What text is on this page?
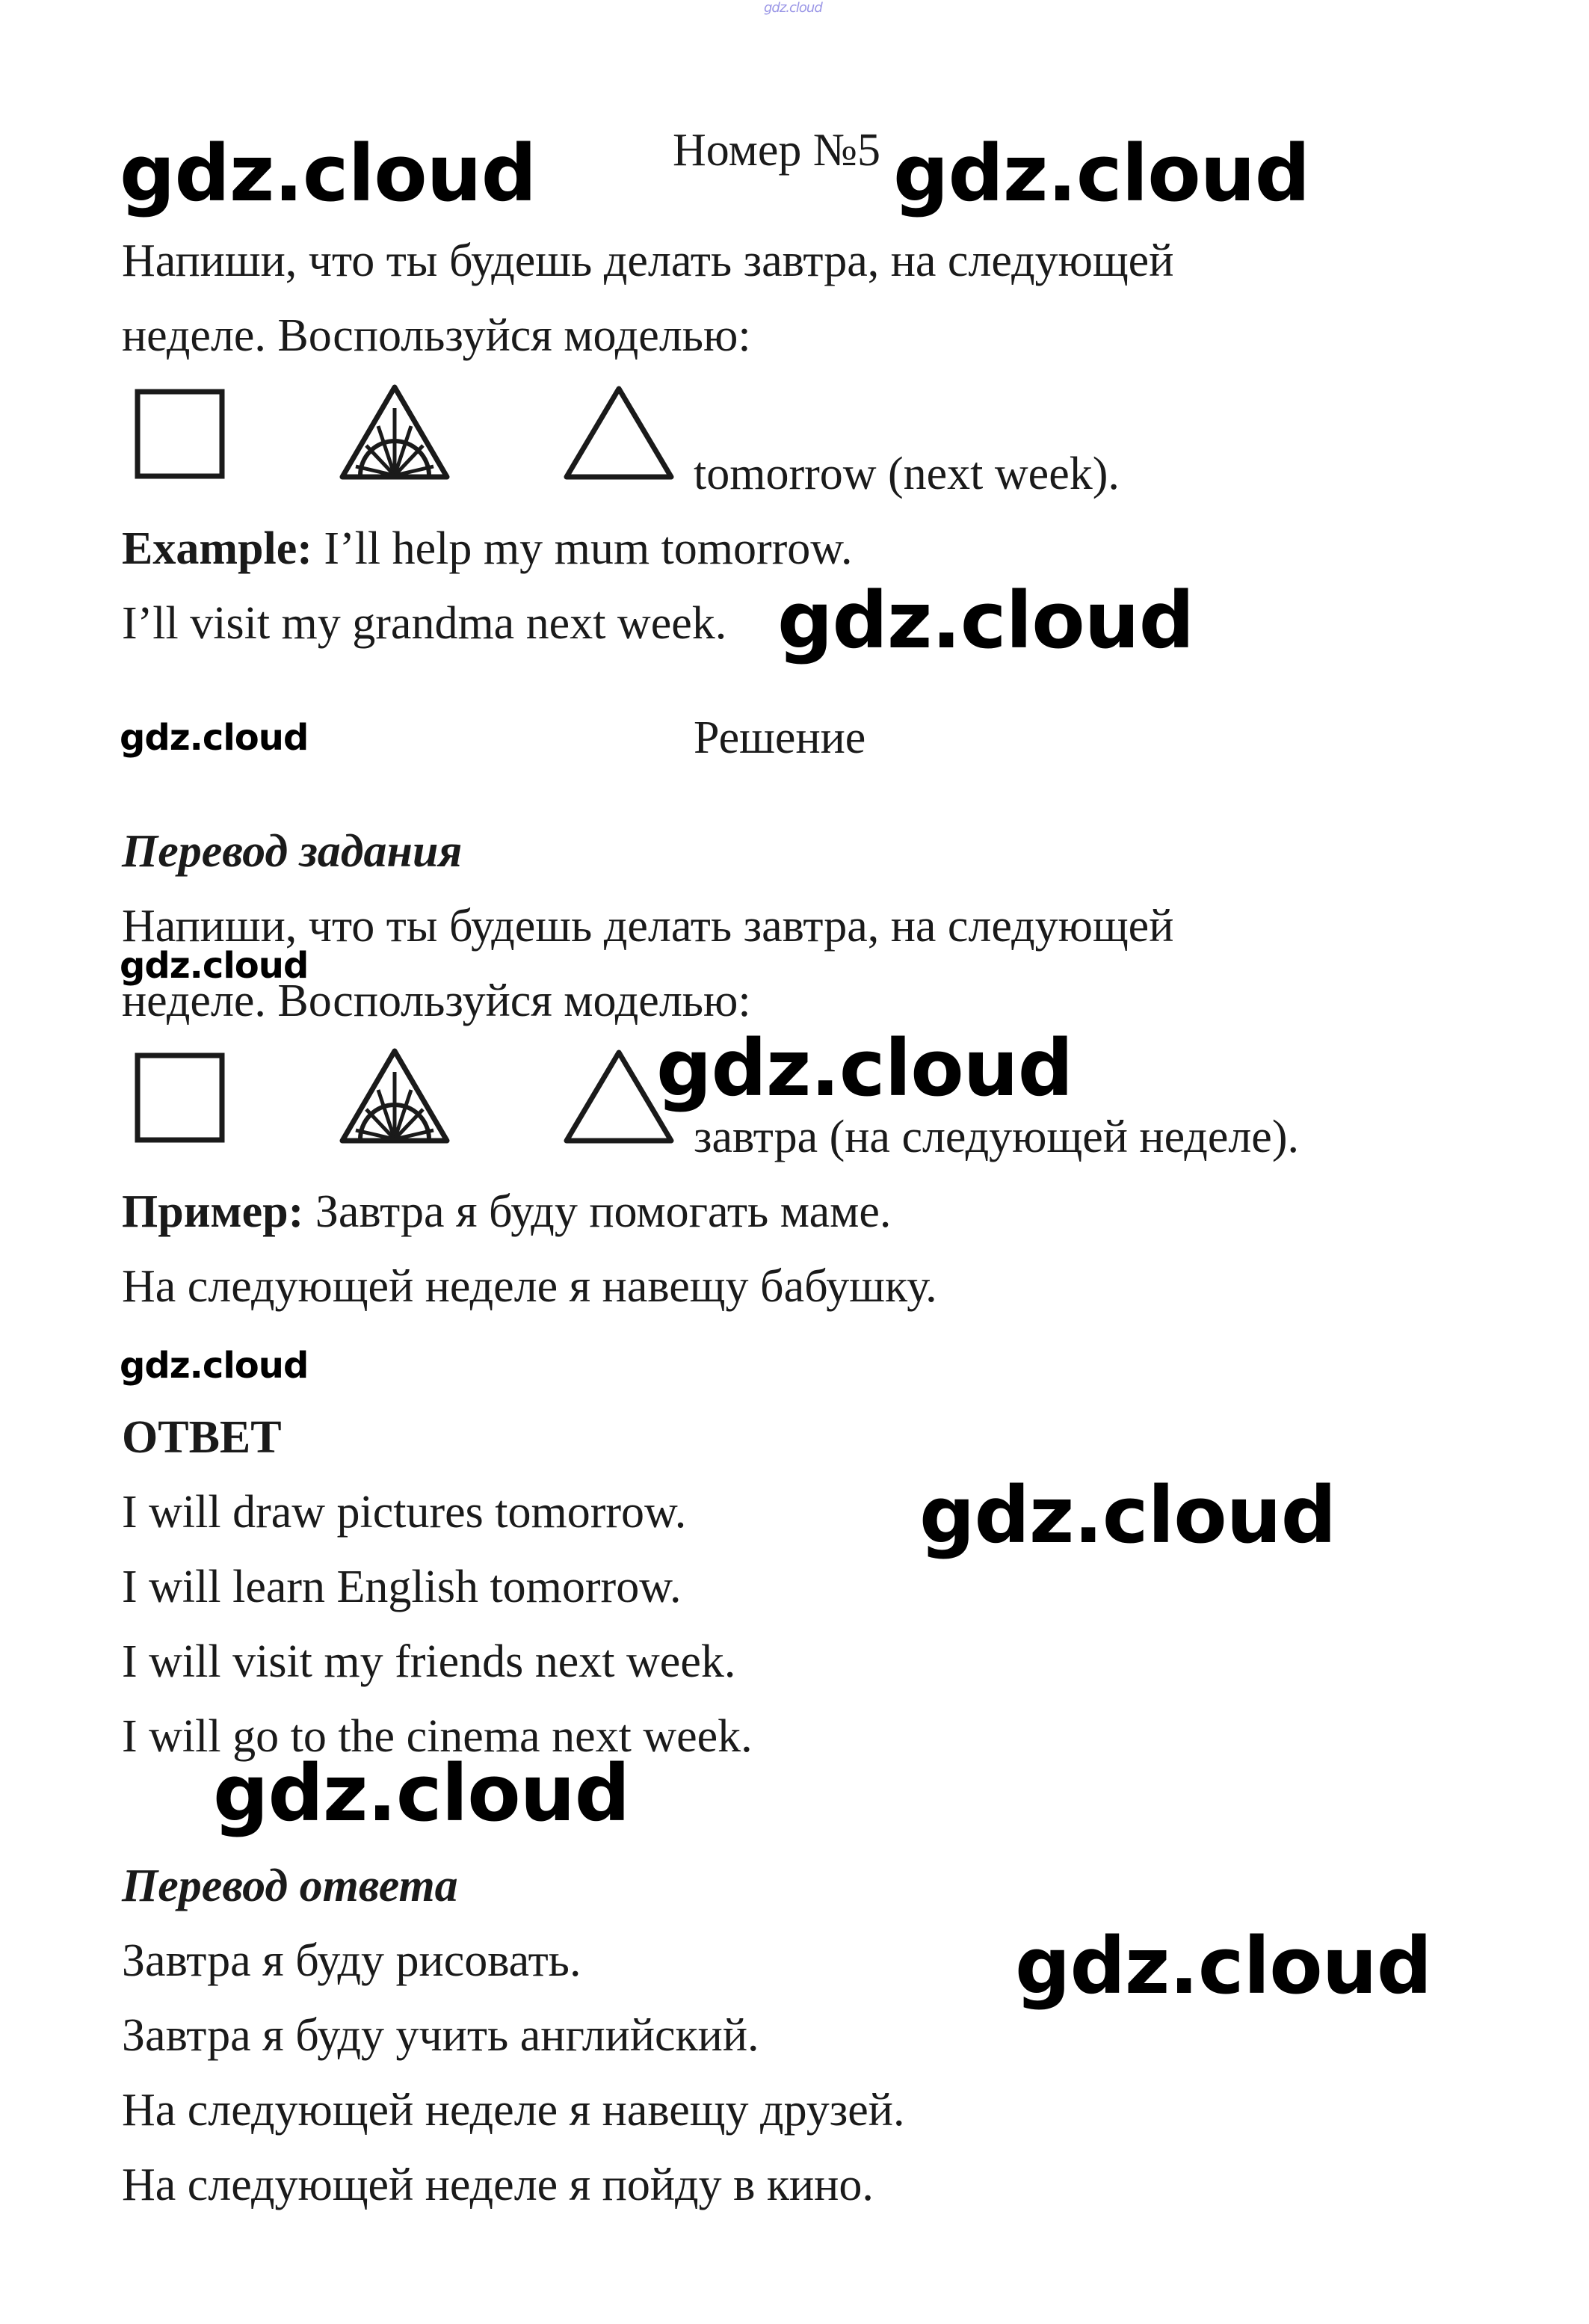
gdz.cloud
Номер №5
gdz.cloud	gdz.cloud
Напиши, что ты будешь делать завтра, на следующей
неделе. Воспользуйся моделью:
tomorrow (next week).
Example: I’ll help my mum tomorrow.
I’ll visit my grandma next week. gdz.cloud
gdz.cloud	Решение
Перевод задания
Напиши, что ты будешь делать завтра, на следующей
gdz.cloud
неделе. Воспользуйся моделью:
gdz.cloud
завтра (на следующей неделе).
Пример: Завтра я буду помогать маме.
На следующей неделе я навещу бабушку.
gdz.cloud
ОТВЕТ
I will draw pictures tomorrow.	gdz.cloud
I will learn English tomorrow.
I will visit my friends next week.
I will go to the cinema next week.
gdz.cloud
Перевод ответа
Завтра я буду рисовать.	gdz.cloud
Завтра я буду учить английский.
На следующей неделе я навещу друзей.
На следующей неделе я пойду в кино.
